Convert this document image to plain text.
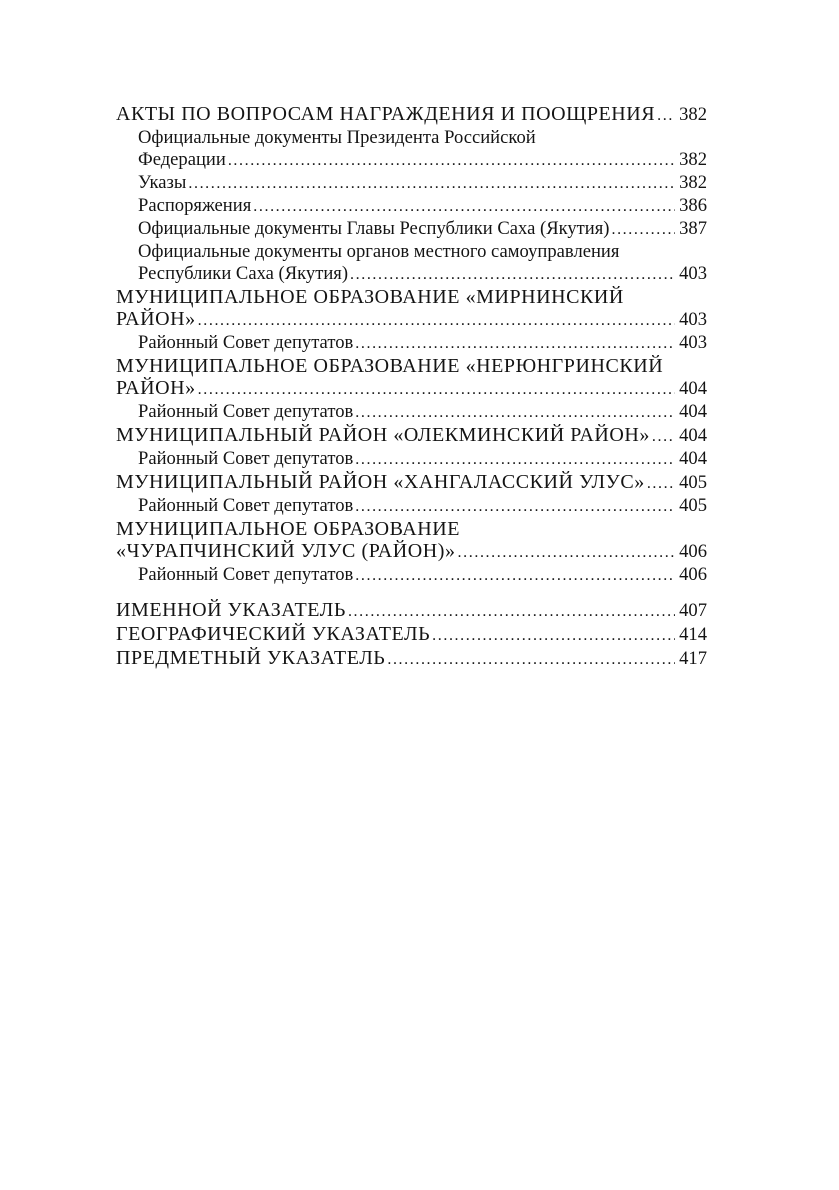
АКТЫ ПО ВОПРОСАМ НАГРАЖДЕНИЯ И ПООЩРЕНИЯ ..... 382
Официальные документы Президента Российской
Федерации .....	382
Указы .....	382
Распоряжения .....	386
Официальные документы Главы Республики Саха (Якутия) .....	387
Официальные документы органов местного самоуправления
Республики Саха (Якутия) .....	403
МУНИЦИПАЛЬНОЕ ОБРАЗОВАНИЕ «МИРНИНСКИЙ
РАЙОН» .....	403
Районный Совет депутатов .....	403
МУНИЦИПАЛЬНОЕ ОБРАЗОВАНИЕ «НЕРЮНГРИНСКИЙ
РАЙОН» .....	404
Районный Совет депутатов .....	404
МУНИЦИПАЛЬНЫЙ РАЙОН «ОЛЕКМИНСКИЙ РАЙОН» ..... 404
Районный Совет депутатов .....	404
МУНИЦИПАЛЬНЫЙ РАЙОН «ХАНГАЛАССКИЙ УЛУС» ..... 405
Районный Совет депутатов .....	405
МУНИЦИПАЛЬНОЕ ОБРАЗОВАНИЕ
«ЧУРАПЧИНСКИЙ УЛУС (РАЙОН)» .....	406
Районный Совет депутатов .....	406
ИМЕННОЙ УКАЗАТЕЛЬ .....	407
ГЕОГРАФИЧЕСКИЙ УКАЗАТЕЛЬ .....	414
ПРЕДМЕТНЫЙ УКАЗАТЕЛЬ .....	417
